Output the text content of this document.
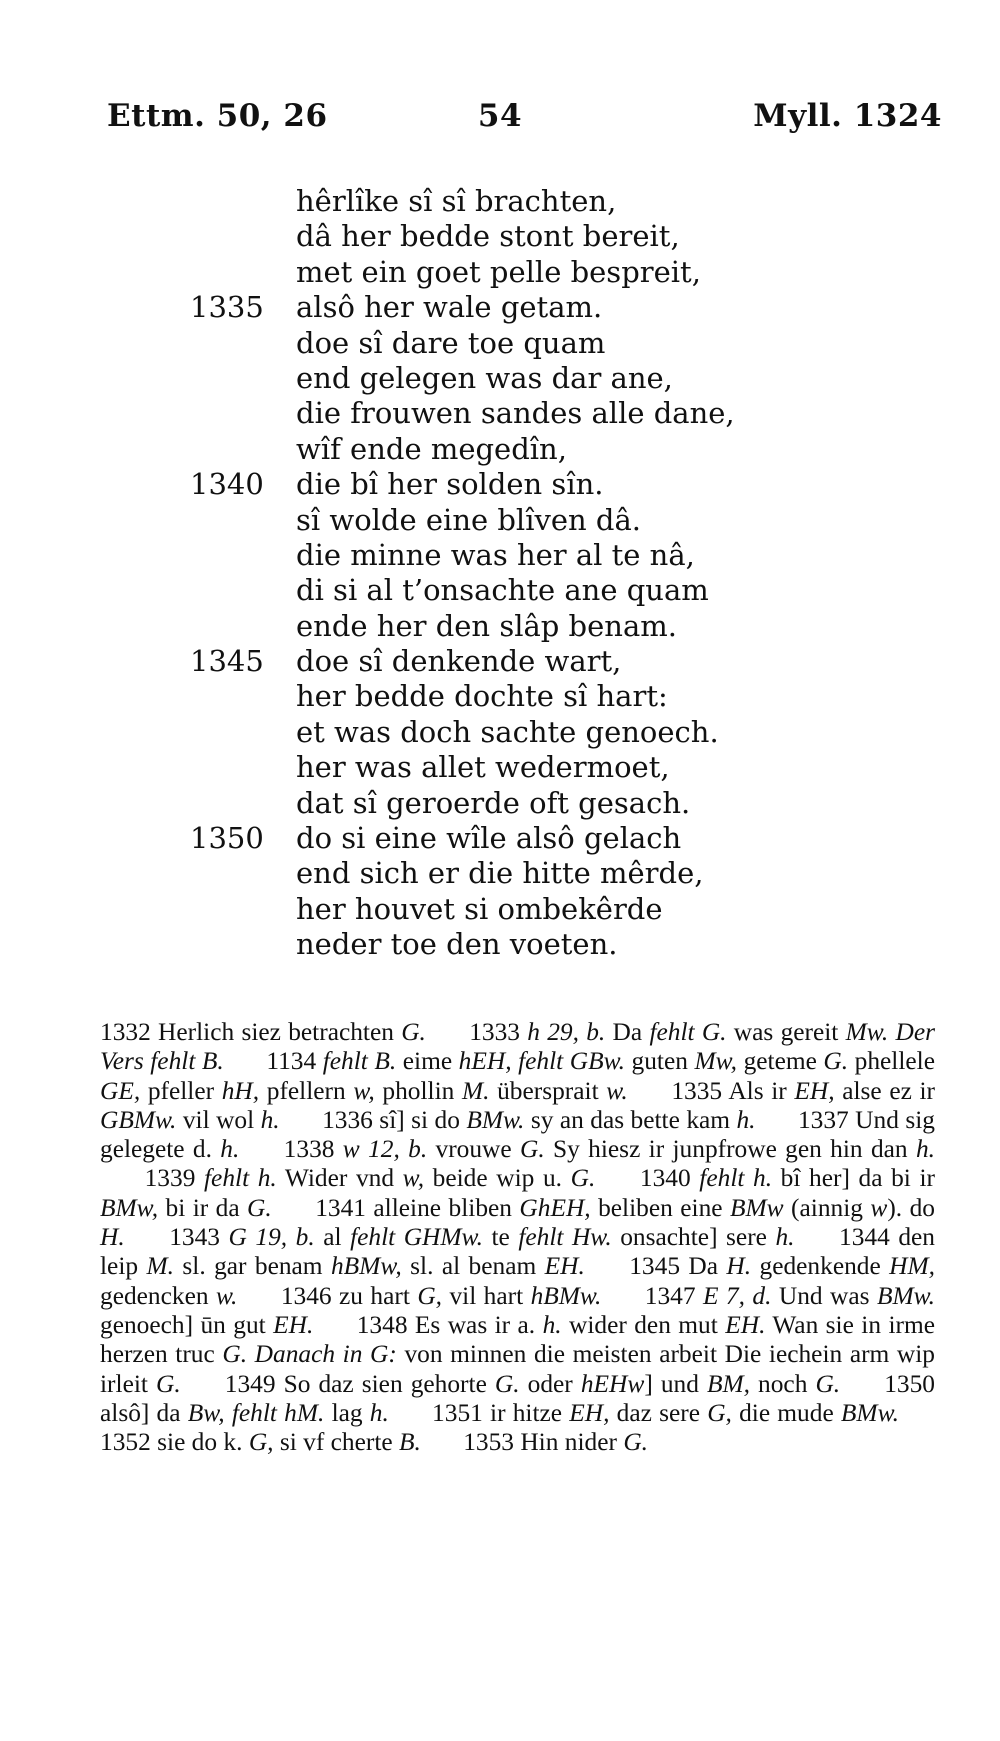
Ettm. 50, 26	54	Myll. 1324
hêrlîke sî sî brachten,
dâ her bedde stont bereit,
met ein goet pelle bespreit,
1335 alsô her wale getam.
doe sî dare toe quam
end gelegen was dar ane,
die frouwen sandes alle dane,
wîf ende megedîn,
1340 die bî her solden sîn.
sî wolde eine blîven dâ.
die minne was her al te nâ,
di si al t’onsachte ane quam
ende her den slâp benam.
1345 doe sî denkende wart,
her bedde dochte sî hart:
et was doch sachte genoech.
her was allet wedermoet,
dat sî geroerde oft gesach.
1350 do si eine wîle alsô gelach
end sich er die hitte mêrde,
her houvet si ombekêrde
neder toe den voeten.
1332 Herlich siez betrachten G. 1333 h 29, b. Da fehlt G. was gereit Mw. Der Vers fehlt B. 1134 fehlt B. eime hEH, fehlt GBw. guten Mw, geteme G. phellele GE, pfeller hH, pfellern w, phollin M. übersprait w. 1335 Als ir EH, alse ez ir GBMw. vil wol h. 1336 sî] si do BMw. sy an das bette kam h. 1337 Und sig gelegete d. h. 1338 w 12, b. vrouwe G. Sy hiesz ir junpfrowe gen hin dan h. 1339 fehlt h. Wider vnd w, beide wip u. G. 1340 fehlt h. bî her] da bi ir BMw, bi ir da G. 1341 alleine bliben GhEH, beliben eine BMw (ainnig w). do H. 1343 G 19, b. al fehlt GHMw. te fehlt Hw. onsachte] sere h. 1344 den leip M. sl. gar benam hBMw, sl. al benam EH. 1345 Da H. gedenkende HM, gedencken w. 1346 zu hart G, vil hart hBMw. 1347 E 7, d. Und was BMw. genoech] ūn gut EH. 1348 Es was ir a. h. wider den mut EH. Wan sie in irme herzen truc G. Danach in G: von minnen die meisten arbeit Die iechein arm wip irleit G. 1349 So daz sien gehorte G. oder hEHw] und BM, noch G. 1350 alsô] da Bw, fehlt hM. lag h. 1351 ir hitze EH, daz sere G, die mude BMw. 1352 sie do k. G, si vf cherte B. 1353 Hin nider G.
